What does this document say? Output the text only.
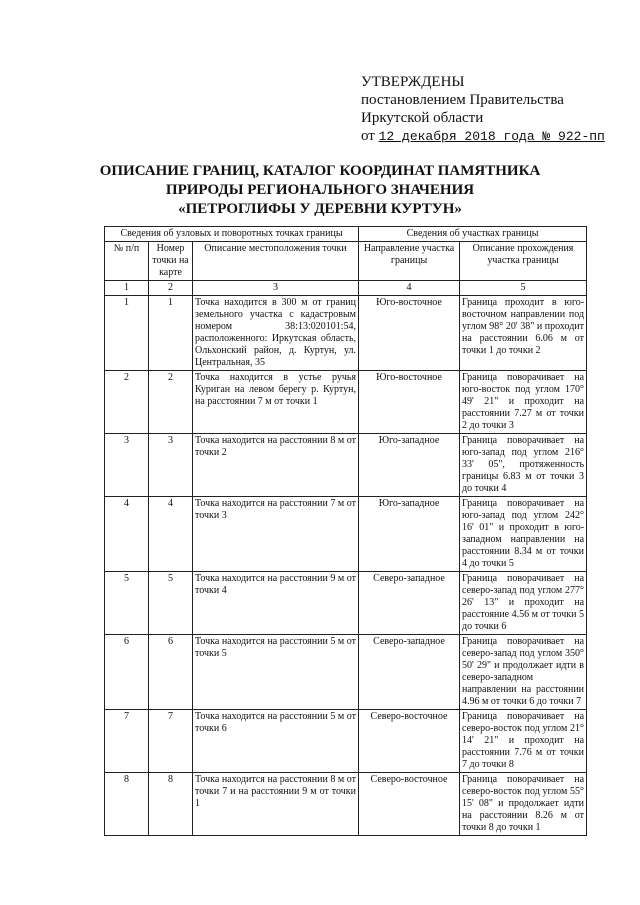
УТВЕРЖДЕНЫ
постановлением Правительства
Иркутской области
от 12 декабря 2018 года № 922-пп
ОПИСАНИЕ ГРАНИЦ, КАТАЛОГ КООРДИНАТ ПАМЯТНИКА
ПРИРОДЫ РЕГИОНАЛЬНОГО ЗНАЧЕНИЯ
«ПЕТРОГЛИФЫ У ДЕРЕВНИ КУРТУН»
Сведения об узловых и поворотных точках границы			Сведения об участках границы	
№ п/п	Номер точки на карте	Описание местоположения точки	Направление участка границы	Описание прохождения участка границы
1	2	3	4	5
1	1	Точка находится в 300 м от границ земельного участка с кадастровым номером 38:13:020101:54, расположенного: Иркутская область, Ольхонский район, д. Куртун, ул. Центральная, 35	Юго-восточное	Граница проходит в юго-восточном направлении под углом 98° 20' 38" и проходит на расстоянии 6.06 м от точки 1 до точки 2
2	2	Точка находится в устье ручья Куриган на левом берегу р. Куртун, на расстоянии 7 м от точки 1	Юго-восточное	Граница поворачивает на юго-восток под углом 170° 49' 21" и проходит на расстоянии 7.27 м от точки 2 до точки 3
3	3	Точка находится на расстоянии 8 м от точки 2	Юго-западное	Граница поворачивает на юго-запад под углом 216° 33' 05", протяженность границы 6.83 м от точки 3 до точки 4
4	4	Точка находится на расстоянии 7 м от точки 3	Юго-западное	Граница поворачивает на юго-запад под углом 242° 16' 01" и проходит в юго-западном направлении на расстоянии 8.34 м от точки 4 до точки 5
5	5	Точка находится на расстоянии 9 м от точки 4	Северо-западное	Граница поворачивает на северо-запад под углом 277° 26' 13" и проходит на расстояние 4.56 м от точки 5 до точки 6
6	6	Точка находится на расстоянии 5 м от точки 5	Северо-западное	Граница поворачивает на северо-запад под углом 350° 50' 29" и продолжает идти в северо-западном направлении на расстоянии 4.96 м от точки 6 до точки 7
7	7	Точка находится на расстоянии 5 м от точки 6	Северо-восточное	Граница поворачивает на северо-восток под углом 21° 14' 21" и проходит на расстоянии 7.76 м от точки 7 до точки 8
8	8	Точка находится на расстоянии 8 м от точки 7 и на расстоянии 9 м от точки 1	Северо-восточное	Граница поворачивает на северо-восток под углом 55° 15' 08" и продолжает идти на расстоянии 8.26 м от точки 8 до точки 1
